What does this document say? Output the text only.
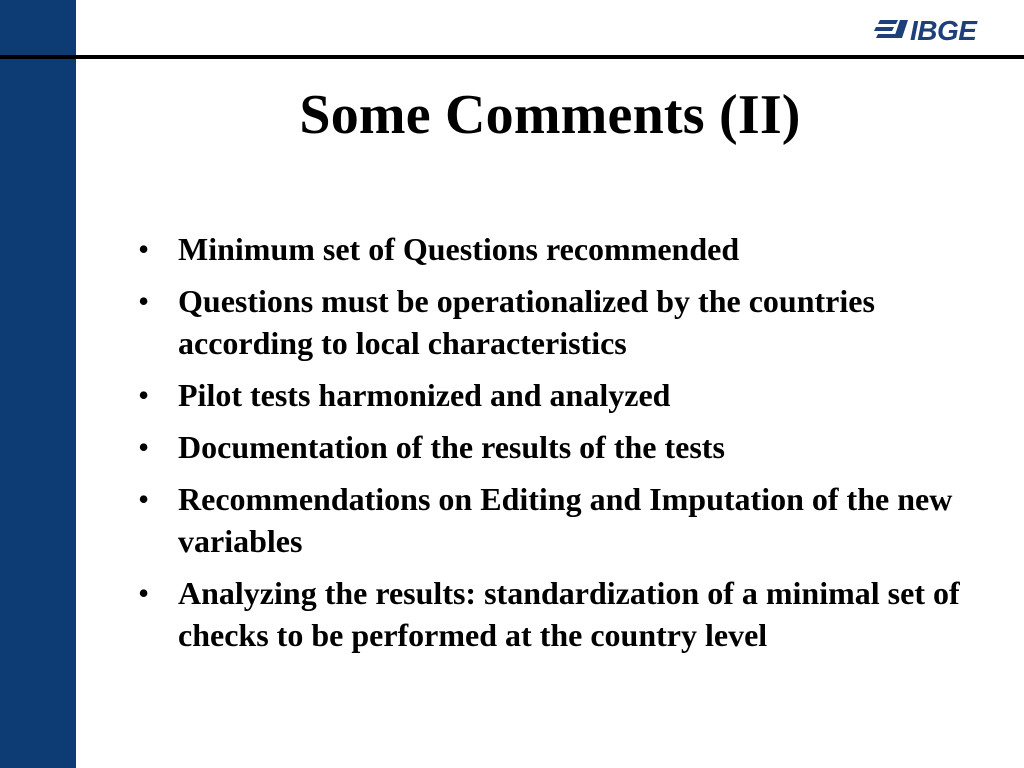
IBGE
Some Comments (II)
• Minimum set of Questions recommended
• Questions must be operationalized by the countries according to local characteristics
• Pilot tests harmonized and analyzed
• Documentation of the results of the tests
• Recommendations on Editing and Imputation of the new variables
• Analyzing the results: standardization of a minimal set of checks to be performed at the country level
